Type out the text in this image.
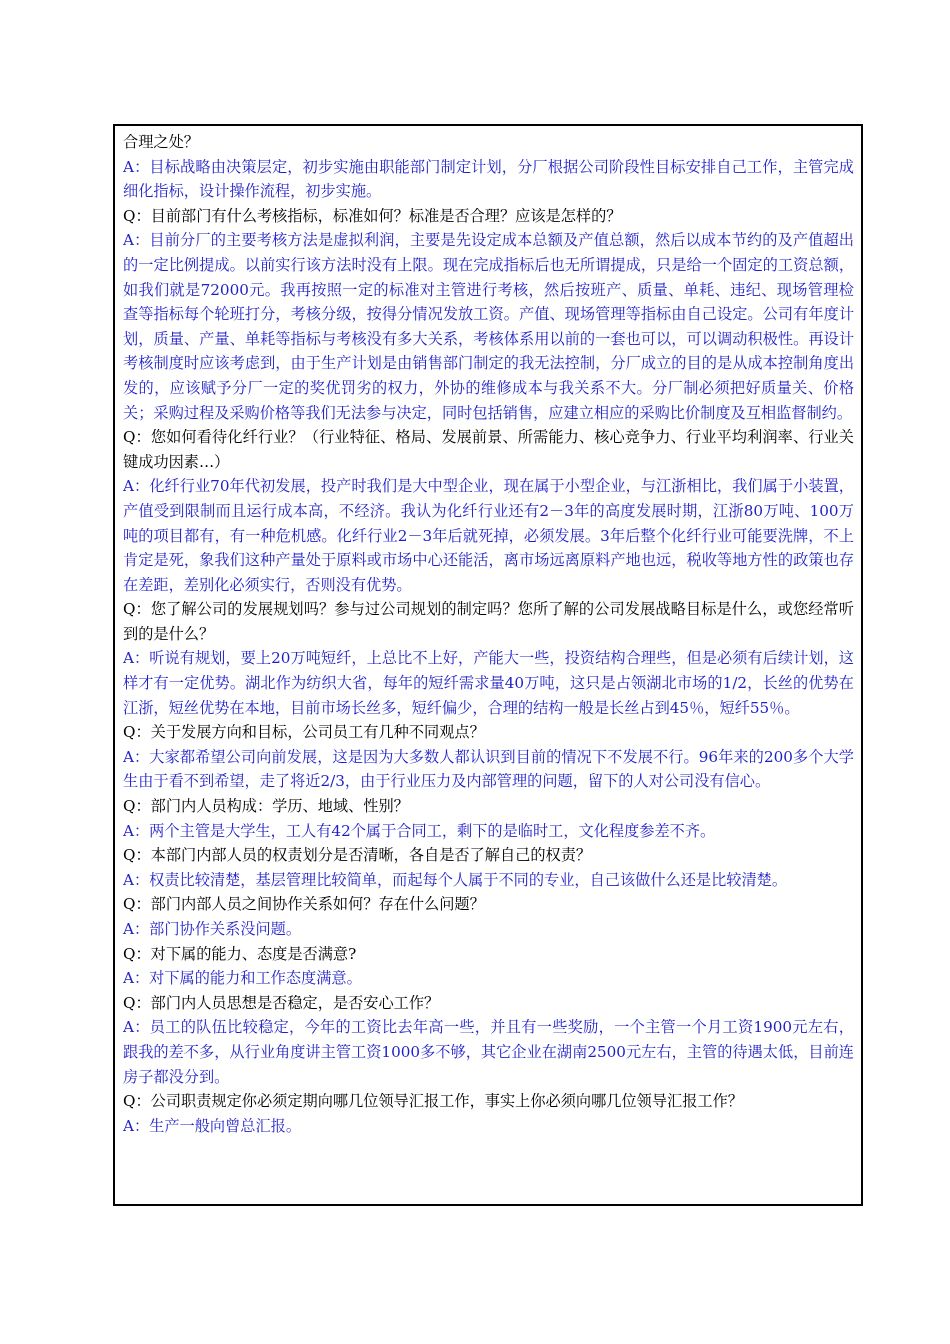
合理之处？

A：目标战略由决策层定，初步实施由职能部门制定计划，分厂根据公司阶段性目标安排自己工作，主管完成细化指标，设计操作流程，初步实施。

Q：目前部门有什么考核指标，标准如何？标准是否合理？应该是怎样的？

A：目前分厂的主要考核方法是虚拟利润，主要是先设定成本总额及产值总额，然后以成本节约的及产值超出的一定比例提成。以前实行该方法时没有上限。现在完成指标后也无所谓提成，只是给一个固定的工资总额，如我们就是72000元。我再按照一定的标准对主管进行考核，然后按班产、质量、单耗、违纪、现场管理检查等指标每个轮班打分，考核分级，按得分情况发放工资。产值、现场管理等指标由自己设定。公司有年度计划，质量、产量、单耗等指标与考核没有多大关系，考核体系用以前的一套也可以，可以调动积极性。再设计考核制度时应该考虑到，由于生产计划是由销售部门制定的我无法控制，分厂成立的目的是从成本控制角度出发的，应该赋予分厂一定的奖优罚劣的权力，外协的维修成本与我关系不大。分厂制必须把好质量关、价格关；采购过程及采购价格等我们无法参与决定，同时包括销售，应建立相应的采购比价制度及互相监督制约。

Q：您如何看待化纤行业？（行业特征、格局、发展前景、所需能力、核心竞争力、行业平均利润率、行业关键成功因素…）

A：化纤行业70年代初发展，投产时我们是大中型企业，现在属于小型企业，与江浙相比，我们属于小装置，产值受到限制而且运行成本高，不经济。我认为化纤行业还有2－3年的高度发展时期，江浙80万吨、100万吨的项目都有，有一种危机感。化纤行业2－3年后就死掉，必须发展。3年后整个化纤行业可能要洗牌，不上肯定是死，象我们这种产量处于原料或市场中心还能活，离市场远离原料产地也远，税收等地方性的政策也存在差距，差别化必须实行，否则没有优势。

Q：您了解公司的发展规划吗？参与过公司规划的制定吗？您所了解的公司发展战略目标是什么，或您经常听到的是什么？

A：听说有规划，要上20万吨短纤，上总比不上好，产能大一些，投资结构合理些，但是必须有后续计划，这样才有一定优势。湖北作为纺织大省，每年的短纤需求量40万吨，这只是占领湖北市场的1/2，长丝的优势在江浙，短丝优势在本地，目前市场长丝多，短纤偏少，合理的结构一般是长丝占到45％，短纤55％。

Q：关于发展方向和目标，公司员工有几种不同观点？

A：大家都希望公司向前发展，这是因为大多数人都认识到目前的情况下不发展不行。96年来的200多个大学生由于看不到希望，走了将近2/3，由于行业压力及内部管理的问题，留下的人对公司没有信心。

Q：部门内人员构成：学历、地域、性别？

A：两个主管是大学生，工人有42个属于合同工，剩下的是临时工，文化程度参差不齐。

Q：本部门内部人员的权责划分是否清晰，各自是否了解自己的权责？

A：权责比较清楚，基层管理比较简单，而起每个人属于不同的专业，自己该做什么还是比较清楚。

Q：部门内部人员之间协作关系如何？存在什么问题？

A：部门协作关系没问题。

Q：对下属的能力、态度是否满意?

A：对下属的能力和工作态度满意。

Q：部门内人员思想是否稳定，是否安心工作？

A：员工的队伍比较稳定，今年的工资比去年高一些，并且有一些奖励，一个主管一个月工资1900元左右，跟我的差不多，从行业角度讲主管工资1000多不够，其它企业在湖南2500元左右，主管的待遇太低，目前连房子都没分到。

Q：公司职责规定你必须定期向哪几位领导汇报工作，事实上你必须向哪几位领导汇报工作？

A：生产一般向曾总汇报。
